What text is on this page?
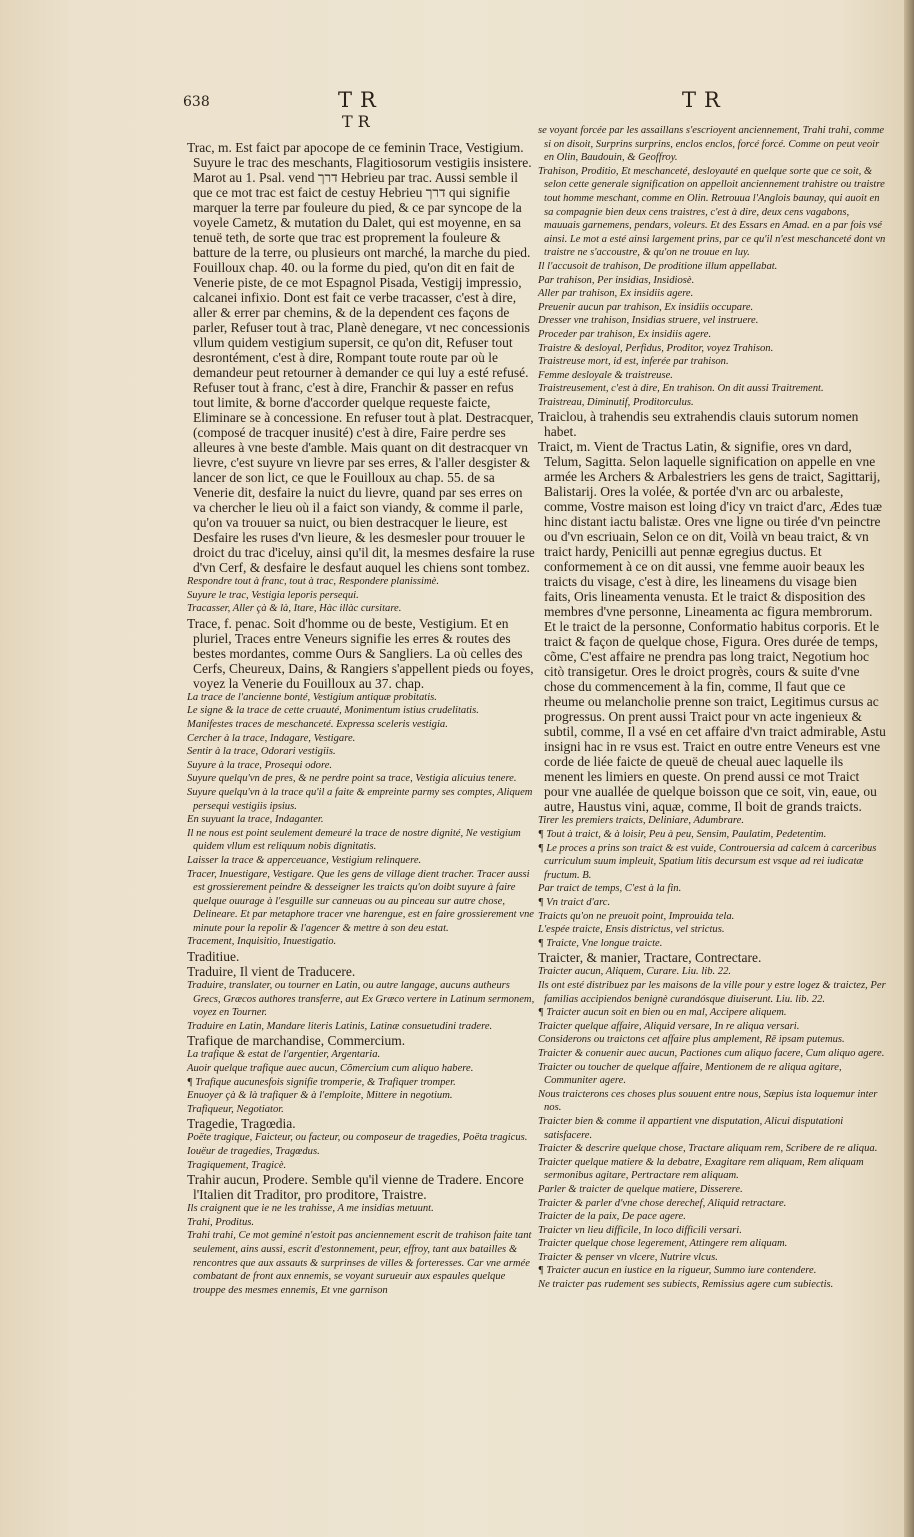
638	TR
TR
TR

Trac, m. Est faict par apocope de ce feminin Trace, Vestigium. Suyure le trac des meschants, Flagitiosorum vestigiis insistere. Marot au 1. Psal. vend דרך Hebrieu par trac. Aussi semble il que ce mot trac est faict de cestuy Hebrieu דרך qui signifie marquer la terre par fouleure du pied, & ce par syncope de la voyele Cametz, & mutation du Dalet, qui est moyenne, en sa tenuë teth, de sorte que trac est proprement la fouleure & batture de la terre, ou plusieurs ont marché, la marche du pied. Fouilloux chap. 40. ou la forme du pied, qu'on dit en fait de Venerie piste, de ce mot Espagnol Pisada, Vestigij impressio, calcanei infixio. Dont est fait ce verbe tracasser, c'est à dire, aller & errer par chemins, & de la dependent ces façons de parler, Refuser tout à trac, Planè denegare, vt nec concessionis vllum quidem vestigium supersit, ce qu'on dit, Refuser tout desrontément, c'est à dire, Rompant toute route par où le demandeur peut retourner à demander ce qui luy a esté refusé. Refuser tout à franc, c'est à dire, Franchir & passer en refus tout limite, & borne d'accorder quelque requeste faicte, Eliminare se à concessione. En refuser tout à plat. Destracquer, (composé de tracquer inusité) c'est à dire, Faire perdre ses alleures à vne beste d'amble. Mais quant on dit destracquer vn lievre, c'est suyure vn lievre par ses erres, & l'aller desgister & lancer de son lict, ce que le Fouilloux au chap. 55. de sa Venerie dit, desfaire la nuict du lievre, quand par ses erres on va chercher le lieu où il a faict son viandy, & comme il parle, qu'on va trouuer sa nuict, ou bien destracquer le lieure, est Desfaire les ruses d'vn lieure, & les desmesler pour trouuer le droict du trac d'iceluy, ainsi qu'il dit, la mesmes desfaire la ruse d'vn Cerf, & desfaire le desfaut auquel les chiens sont tombez.

Respondre tout à franc, tout à trac, Respondere planissimè.

Suyure le trac, Vestigia leporis persequi.

Tracasser, Aller çà & là, Itare, Hàc illàc cursitare.

Trace, f. penac. Soit d'homme ou de beste, Vestigium. Et en pluriel, Traces entre Veneurs signifie les erres & routes des bestes mordantes, comme Ours & Sangliers. La où celles des Cerfs, Cheureux, Dains, & Rangiers s'appellent pieds ou foyes, voyez la Venerie du Fouilloux au 37. chap.

La trace de l'ancienne bonté, Vestigium antiquæ probitatis.

Le signe & la trace de cette cruauté, Monimentum istius crudelitatis.

Manifestes traces de meschanceté. Expressa sceleris vestigia.

Cercher à la trace, Indagare, Vestigare.

Sentir à la trace, Odorari vestigiis.

Suyure à la trace, Prosequi odore.

Suyure quelqu'vn de pres, & ne perdre point sa trace, Vestigia alicuius tenere.

Suyure quelqu'vn à la trace qu'il a faite & empreinte parmy ses comptes, Aliquem persequi vestigiis ipsius.

En suyuant la trace, Indaganter.

Il ne nous est point seulement demeuré la trace de nostre dignité, Ne vestigium quidem vllum est reliquum nobis dignitatis.

Laisser la trace & apperceuance, Vestigium relinquere.

Tracer, Inuestigare, Vestigare. Que les gens de village dient tracher. Tracer aussi est grossierement peindre & desseigner les traicts qu'on doibt suyure à faire quelque ouurage à l'esguille sur canneuas ou au pinceau sur autre chose, Delineare. Et par metaphore tracer vne harengue, est en faire grossierement vne minute pour la repolir & l'agencer & mettre à son deu estat.

Tracement, Inquisitio, Inuestigatio.

Traditiue.

Traduire, Il vient de Traducere.

Traduire, translater, ou tourner en Latin, ou autre langage, aucuns autheurs Grecs, Græcos authores transferre, aut Ex Græco vertere in Latinum sermonem, voyez en Tourner.

Traduire en Latin, Mandare literis Latinis, Latinæ consuetudini tradere.

Trafique de marchandise, Commercium.

La trafique & estat de l'argentier, Argentaria.

Auoir quelque trafique auec aucun, Cõmercium cum aliquo habere.

¶ Trafique aucunesfois signifie tromperie, & Trafiquer tromper.

Enuoyer çà & là trafiquer & à l'emploite, Mittere in negotium.

Trafiqueur, Negotiator.

Tragedie, Tragœdia.

Poëte tragique, Faicteur, ou facteur, ou composeur de tragedies, Poëta tragicus.

Iouëur de tragedies, Tragœdus.

Tragiquement, Tragicè.

Trahir aucun, Prodere. Semble qu'il vienne de Tradere. Encore l'Italien dit Traditor, pro proditore, Traistre.

Ils craignent que ie ne les trahisse, A me insidias metuunt.

Trahi, Proditus.

Trahi trahi, Ce mot geminé n'estoit pas anciennement escrit de trahison faite tant seulement, ains aussi, escrit d'estonnement, peur, effroy, tant aux batailles & rencontres que aux assauts & surprinses de villes & forteresses. Car vne armée combatant de front aux ennemis, se voyant surueuir aux espaules quelque trouppe des mesmes ennemis, Et vne garnison

se voyant forcée par les assaillans s'escrioyent anciennement, Trahi trahi, comme si on disoit, Surprins surprins, enclos enclos, forcé forcé. Comme on peut veoir en Olin, Baudouin, & Geoffroy.

Trahison, Proditio, Et meschanceté, desloyauté en quelque sorte que ce soit, & selon cette generale signification on appelloit anciennement trahistre ou traistre tout homme meschant, comme en Olin. Retrouua l'Anglois baunay, qui auoit en sa compagnie bien deux cens traistres, c'est à dire, deux cens vagabons, mauuais garnemens, pendars, voleurs. Et des Essars en Amad. en a par fois vsé ainsi. Le mot a esté ainsi largement prins, par ce qu'il n'est meschanceté dont vn traistre ne s'accoustre, & qu'on ne trouue en luy.

Il l'accusoit de trahison, De proditione illum appellabat.

Par trahison, Per insidias, Insidiosè.

Aller par trahison, Ex insidiis agere.

Preuenir aucun par trahison, Ex insidiis occupare.

Dresser vne trahison, Insidias struere, vel instruere.

Proceder par trahison, Ex insidiis agere.

Traistre & desloyal, Perfidus, Proditor, voyez Trahison.

Traistreuse mort, id est, inferée par trahison.

Femme desloyale & traistreuse.

Traistreusement, c'est à dire, En trahison. On dit aussi Traitrement.

Traistreau, Diminutif, Proditorculus.

Traiclou, à trahendis seu extrahendis clauis sutorum nomen habet.

Traict, m. Vient de Tractus Latin, & signifie, ores vn dard, Telum, Sagitta. Selon laquelle signification on appelle en vne armée les Archers & Arbalestriers les gens de traict, Sagittarij, Balistarij. Ores la volée, & portée d'vn arc ou arbaleste, comme, Vostre maison est loing d'icy vn traict d'arc, Ædes tuæ hinc distant iactu balistæ. Ores vne ligne ou tirée d'vn peinctre ou d'vn escriuain, Selon ce on dit, Voilà vn beau traict, & vn traict hardy, Penicilli aut pennæ egregius ductus. Et conformement à ce on dit aussi, vne femme auoir beaux les traicts du visage, c'est à dire, les lineamens du visage bien faits, Oris lineamenta venusta. Et le traict & disposition des membres d'vne personne, Lineamenta ac figura membrorum. Et le traict de la personne, Conformatio habitus corporis. Et le traict & façon de quelque chose, Figura. Ores durée de temps, cõme, C'est affaire ne prendra pas long traict, Negotium hoc citò transigetur. Ores le droict progrès, cours & suite d'vne chose du commencement à la fin, comme, Il faut que ce rheume ou melancholie prenne son traict, Legitimus cursus ac progressus. On prent aussi Traict pour vn acte ingenieux & subtil, comme, Il a vsé en cet affaire d'vn traict admirable, Astu insigni hac in re vsus est. Traict en outre entre Veneurs est vne corde de liée faicte de queuë de cheual auec laquelle ils menent les limiers en queste. On prend aussi ce mot Traict pour vne auallée de quelque boisson que ce soit, vin, eaue, ou autre, Haustus vini, aquæ, comme, Il boit de grands traicts.

Tirer les premiers traicts, Deliniare, Adumbrare.

¶ Tout à traict, & à loisir, Peu à peu, Sensim, Paulatim, Pedetentim.

¶ Le proces a prins son traict & est vuide, Controuersia ad calcem à carceribus curriculum suum impleuit, Spatium litis decursum est vsque ad rei iudicatæ fructum. B.

Par traict de temps, C'est à la fin.

¶ Vn traict d'arc.

Traicts qu'on ne preuoit point, Improuida tela.

L'espée traicte, Ensis districtus, vel strictus.

¶ Traicte, Vne longue traicte.

Traicter, & manier, Tractare, Contrectare.

Traicter aucun, Aliquem, Curare. Liu. lib. 22.

Ils ont esté distribuez par les maisons de la ville pour y estre logez & traictez, Per familias accipiendos benignè curandósque diuiserunt. Liu. lib. 22.

¶ Traicter aucun soit en bien ou en mal, Accipere aliquem.

Traicter quelque affaire, Aliquid versare, In re aliqua versari.

Considerons ou traictons cet affaire plus amplement, Rē ipsam putemus.

Traicter & conuenir auec aucun, Pactiones cum aliquo facere, Cum aliquo agere.

Traicter ou toucher de quelque affaire, Mentionem de re aliqua agitare, Communiter agere.

Nous traicterons ces choses plus souuent entre nous, Sæpius ista loquemur inter nos.

Traicter bien & comme il appartient vne disputation, Alicui disputationi satisfacere.

Traicter & descrire quelque chose, Tractare aliquam rem, Scribere de re aliqua.

Traicter quelque matiere & la debatre, Exagitare rem aliquam, Rem aliquam sermonibus agitare, Pertractare rem aliquam.

Parler & traicter de quelque matiere, Disserere.

Traicter & parler d'vne chose derechef, Aliquid retractare.

Traicter de la paix, De pace agere.

Traicter vn lieu difficile, In loco difficili versari.

Traicter quelque chose legerement, Attingere rem aliquam.

Traicter & penser vn vlcere, Nutrire vlcus.

¶ Traicter aucun en iustice en la rigueur, Summo iure contendere.

Ne traicter pas rudement ses subiects, Remissius agere cum subiectis.
